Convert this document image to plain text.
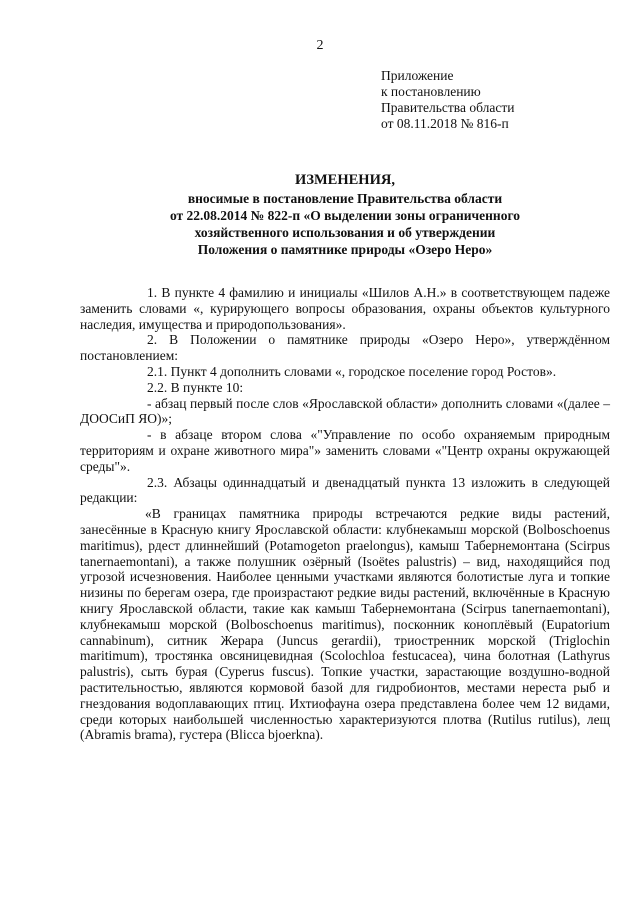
2
Приложение
к постановлению
Правительства области
от 08.11.2018 № 816-п
ИЗМЕНЕНИЯ,
вносимые в постановление Правительства области
от 22.08.2014 № 822-п «О выделении зоны ограниченного
хозяйственного использования и об утверждении
Положения о памятнике природы «Озеро Неро»

1. В пункте 4 фамилию и инициалы «Шилов А.Н.» в соответствующем падеже заменить словами «, курирующего вопросы образования, охраны объектов культурного наследия, имущества и природопользования».

2. В Положении о памятнике природы «Озеро Неро», утверждённом постановлением:

2.1. Пункт 4 дополнить словами «, городское поселение город Ростов».

2.2. В пункте 10:

- абзац первый после слов «Ярославской области» дополнить словами «(далее – ДООСиП ЯО)»;

- в абзаце втором слова «"Управление по особо охраняемым природным территориям и охране животного мира"» заменить словами «"Центр охраны окружающей среды"».

2.3. Абзацы одиннадцатый и двенадцатый пункта 13 изложить в следующей редакции:

«В границах памятника природы встречаются редкие виды растений, занесённые в Красную книгу Ярославской области: клубнекамыш морской (Bolboschoenus maritimus), рдест длиннейший (Potamogeton praelongus), камыш Табернемонтана (Scirpus tanernaemontani), а также полушник озёрный (Isoëtes palustris) – вид, находящийся под угрозой исчезновения. Наиболее ценными участками являются болотистые луга и топкие низины по берегам озера, где произрастают редкие виды растений, включённые в Красную книгу Ярославской области, такие как камыш Табернемонтана (Scirpus tanernaemontani), клубнекамыш морской (Bolboschoenus maritimus), посконник коноплёвый (Eupatorium cannabinum), ситник Жерара (Juncus gerardii), триостренник морской (Triglochin maritimum), тростянка овсяницевидная (Scolochloa festucacea), чина болотная (Lathyrus palustris), сыть бурая (Cyperus fuscus). Топкие участки, зарастающие воздушно-водной растительностью, являются кормовой базой для гидробионтов, местами нереста рыб и гнездования водоплавающих птиц. Ихтиофауна озера представлена более чем 12 видами, среди которых наибольшей численностью характеризуются плотва (Rutilus rutilus), лещ (Abramis brama), густера (Blicca bjoerkna).
